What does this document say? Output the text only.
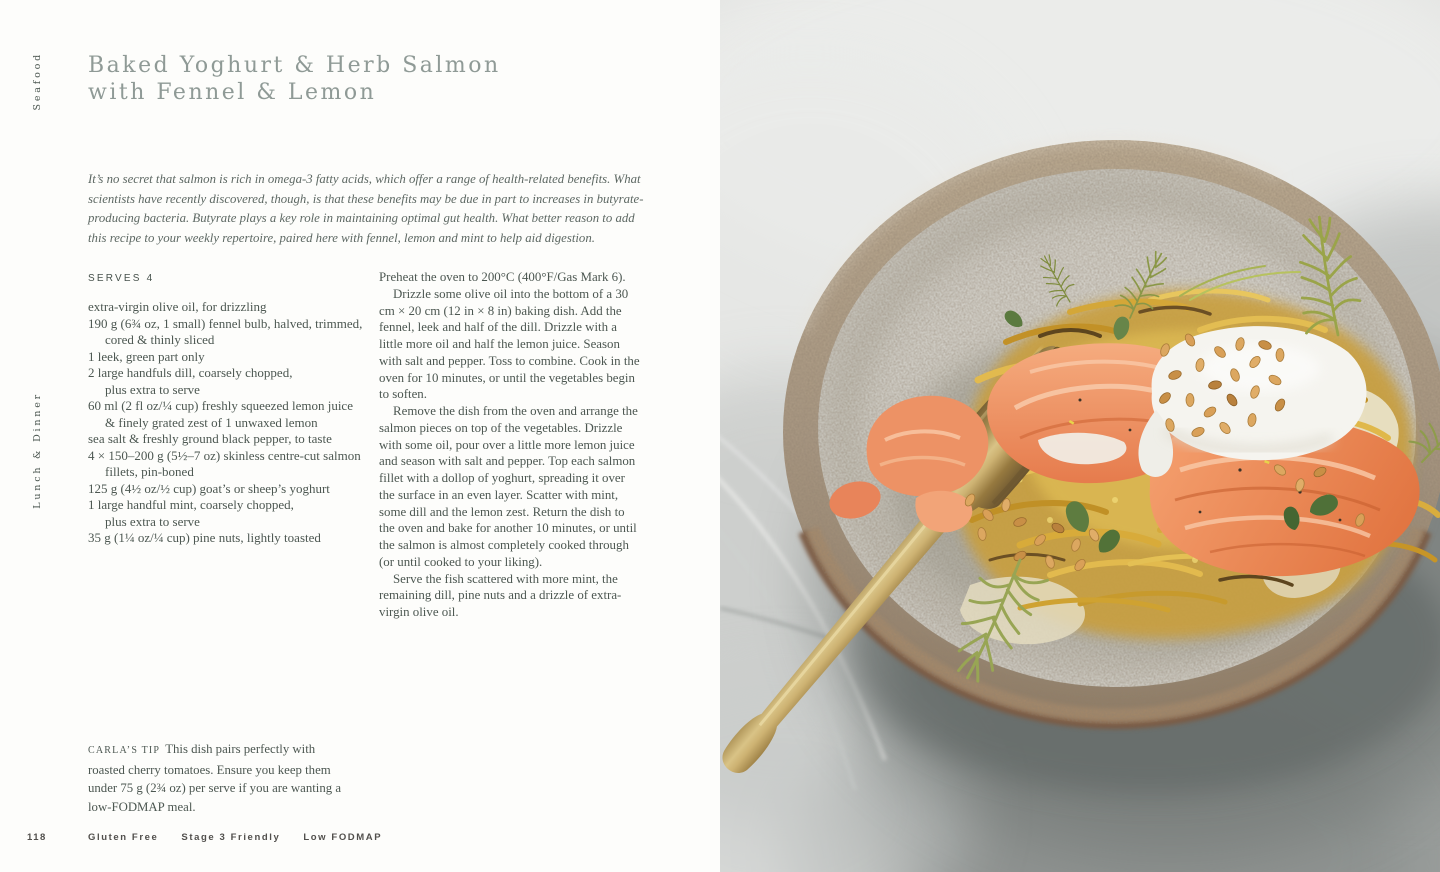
Seafood
Lunch & Dinner
Baked Yoghurt & Herb Salmon
with Fennel & Lemon
It’s no secret that salmon is rich in omega-3 fatty acids, which offer a range of health-related benefits. What
scientists have recently discovered, though, is that these benefits may be due in part to increases in butyrate-
producing bacteria. Butyrate plays a key role in maintaining optimal gut health. What better reason to add
this recipe to your weekly repertoire, paired here with fennel, lemon and mint to help aid digestion.
SERVES 4
extra-virgin olive oil, for drizzling
190 g (6¾ oz, 1 small) fennel bulb, halved, trimmed,
cored & thinly sliced
1 leek, green part only
2 large handfuls dill, coarsely chopped,
plus extra to serve
60 ml (2 fl oz/¼ cup) freshly squeezed lemon juice
& finely grated zest of 1 unwaxed lemon
sea salt & freshly ground black pepper, to taste
4 × 150–200 g (5½–7 oz) skinless centre-cut salmon
fillets, pin-boned
125 g (4½ oz/½ cup) goat’s or sheep’s yoghurt
1 large handful mint, coarsely chopped,
plus extra to serve
35 g (1¼ oz/¼ cup) pine nuts, lightly toasted

Preheat the oven to 200°C (400°F/Gas Mark 6).

Drizzle some olive oil into the bottom of a 30 cm × 20 cm (12 in × 8 in) baking dish. Add the fennel, leek and half of the dill. Drizzle with a little more oil and half the lemon juice. Season with salt and pepper. Toss to combine. Cook in the oven for 10 minutes, or until the vegetables begin to soften.

Remove the dish from the oven and arrange the salmon pieces on top of the vegetables. Drizzle with some oil, pour over a little more lemon juice and season with salt and pepper. Top each salmon fillet with a dollop of yoghurt, spreading it over the surface in an even layer. Scatter with mint, some dill and the lemon zest. Return the dish to the oven and bake for another 10 minutes, or until the salmon is almost completely cooked through (or until cooked to your liking).

Serve the fish scattered with more mint, the remaining dill, pine nuts and a drizzle of extra-virgin olive oil.

CARLA’S TIP This dish pairs perfectly with roasted cherry tomatoes. Ensure you keep them under 75 g (2¾ oz) per serve if you are wanting a low-FODMAP meal.
118	Gluten Free Stage 3 Friendly Low FODMAP
